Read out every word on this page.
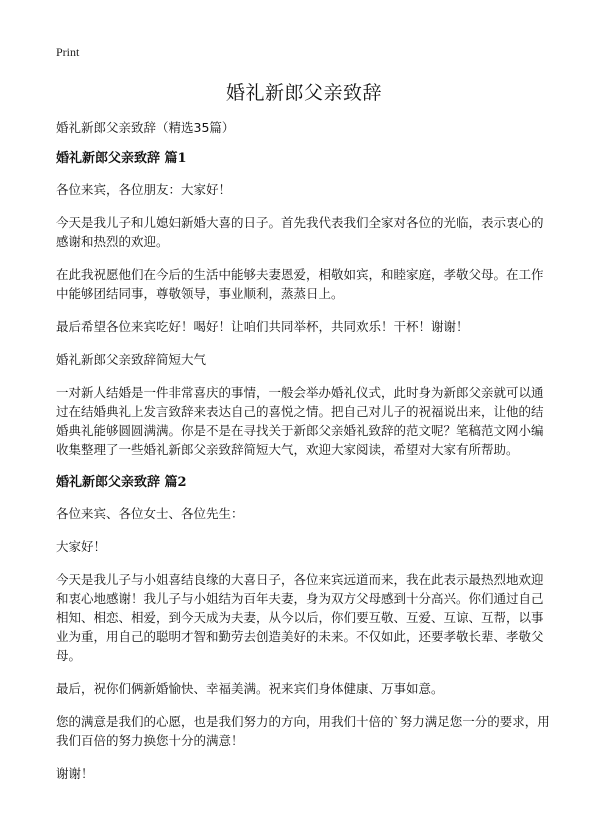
Print
婚礼新郎父亲致辞

婚礼新郎父亲致辞（精选35篇）

婚礼新郎父亲致辞 篇1

各位来宾，各位朋友：大家好！

今天是我儿子和儿媳妇新婚大喜的日子。首先我代表我们全家对各位的光临，表示衷心的感谢和热烈的欢迎。

在此我祝愿他们在今后的生活中能够夫妻恩爱，相敬如宾，和睦家庭，孝敬父母。在工作中能够团结同事，尊敬领导，事业顺利，蒸蒸日上。

最后希望各位来宾吃好！喝好！让咱们共同举杯，共同欢乐！干杯！谢谢！

婚礼新郎父亲致辞简短大气

一对新人结婚是一件非常喜庆的事情，一般会举办婚礼仪式，此时身为新郎父亲就可以通过在结婚典礼上发言致辞来表达自己的喜悦之情。把自己对儿子的祝福说出来，让他的结婚典礼能够圆圆满满。你是不是在寻找关于新郎父亲婚礼致辞的范文呢？笔稿范文网小编收集整理了一些婚礼新郎父亲致辞简短大气，欢迎大家阅读，希望对大家有所帮助。

婚礼新郎父亲致辞 篇2

各位来宾、各位女士、各位先生：

大家好！

今天是我儿子与小姐喜结良缘的大喜日子，各位来宾远道而来，我在此表示最热烈地欢迎和衷心地感谢！我儿子与小姐结为百年夫妻，身为双方父母感到十分高兴。你们通过自己相知、相恋、相爱，到今天成为夫妻，从今以后，你们要互敬、互爱、互谅、互帮，以事业为重，用自己的聪明才智和勤劳去创造美好的未来。不仅如此，还要孝敬长辈、孝敬父母。

最后，祝你们俩新婚愉快、幸福美满。祝来宾们身体健康、万事如意。

您的满意是我们的心愿，也是我们努力的方向，用我们十倍的`努力满足您一分的要求，用我们百倍的努力换您十分的满意！

谢谢！
